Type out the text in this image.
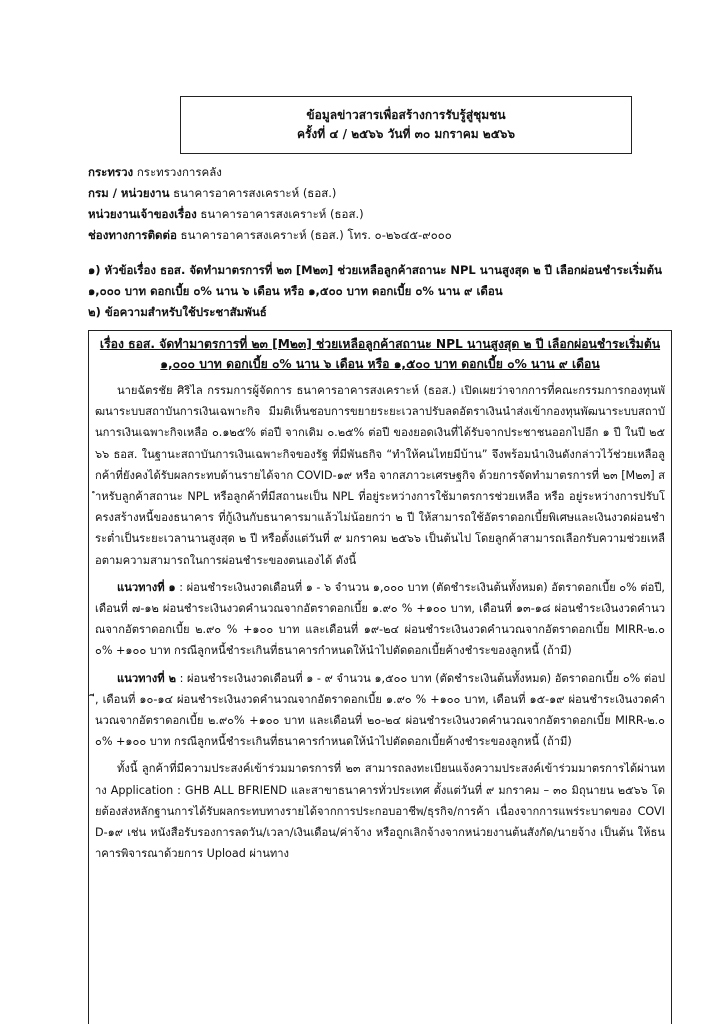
ข้อมูลข่าวสารเพื่อสร้างการรับรู้สู่ชุมชน
ครั้งที่ ๔ / ๒๕๖๖ วันที่ ๓๐ มกราคม ๒๕๖๖
กระทรวง กระทรวงการคลัง
กรม / หน่วยงาน ธนาคารอาคารสงเคราะห์ (ธอส.)
หน่วยงานเจ้าของเรื่อง ธนาคารอาคารสงเคราะห์ (ธอส.)
ช่องทางการติดต่อ ธนาคารอาคารสงเคราะห์ (ธอส.) โทร. ๐-๒๖๔๕-๙๐๐๐
๑) หัวข้อเรื่อง ธอส. จัดทำมาตรการที่ ๒๓ [M๒๓] ช่วยเหลือลูกค้าสถานะ NPL นานสูงสุด ๒ ปี เลือกผ่อนชำระเริ่มต้น ๑,๐๐๐ บาท ดอกเบี้ย ๐% นาน ๖ เดือน หรือ ๑,๕๐๐ บาท ดอกเบี้ย ๐% นาน ๙ เดือน
๒) ข้อความสำหรับใช้ประชาสัมพันธ์

เรื่อง ธอส. จัดทำมาตรการที่ ๒๓ [M๒๓] ช่วยเหลือลูกค้าสถานะ NPL นานสูงสุด ๒ ปี เลือกผ่อนชำระเริ่มต้น ๑,๐๐๐ บาท ดอกเบี้ย ๐% นาน ๖ เดือน หรือ ๑,๕๐๐ บาท ดอกเบี้ย ๐% นาน ๙ เดือน

นายฉัตรชัย ศิริไล กรรมการผู้จัดการ ธนาคารอาคารสงเคราะห์ (ธอส.) เปิดเผยว่าจากการที่คณะกรรมการกองทุนพัฒนาระบบสถาบันการเงินเฉพาะกิจ มีมติเห็นชอบการขยายระยะเวลาปรับลดอัตราเงินนำส่งเข้ากองทุนพัฒนาระบบสถาบันการเงินเฉพาะกิจเหลือ ๐.๑๒๕% ต่อปี จากเดิม ๐.๒๕% ต่อปี ของยอดเงินที่ได้รับจากประชาชนออกไปอีก ๑ ปี ในปี ๒๕๖๖ ธอส. ในฐานะสถาบันการเงินเฉพาะกิจของรัฐ ที่มีพันธกิจ “ทำให้คนไทยมีบ้าน” จึงพร้อมนำเงินดังกล่าวไว้ช่วยเหลือลูกค้าที่ยังคงได้รับผลกระทบด้านรายได้จาก COVID-๑๙ หรือ จากสภาวะเศรษฐกิจ ด้วยการจัดทำมาตรการที่ ๒๓ [M๒๓] สำหรับลูกค้าสถานะ NPL หรือลูกค้าที่มีสถานะเป็น NPL ที่อยู่ระหว่างการใช้มาตรการช่วยเหลือ หรือ อยู่ระหว่างการปรับโครงสร้างหนี้ของธนาคาร ที่กู้เงินกับธนาคารมาแล้วไม่น้อยกว่า ๒ ปี ให้สามารถใช้อัตราดอกเบี้ยพิเศษและเงินงวดผ่อนชำระต่ำเป็นระยะเวลานานสูงสุด ๒ ปี หรือตั้งแต่วันที่ ๙ มกราคม ๒๕๖๖ เป็นต้นไป โดยลูกค้าสามารถเลือกรับความช่วยเหลือตามความสามารถในการผ่อนชำระของตนเองได้ ดังนี้

แนวทางที่ ๑ : ผ่อนชำระเงินงวดเดือนที่ ๑ - ๖ จำนวน ๑,๐๐๐ บาท (ตัดชำระเงินต้นทั้งหมด) อัตราดอกเบี้ย ๐% ต่อปี, เดือนที่ ๗-๑๒ ผ่อนชำระเงินงวดคำนวณจากอัตราดอกเบี้ย ๑.๙๐ % +๑๐๐ บาท, เดือนที่ ๑๓-๑๘ ผ่อนชำระเงินงวดคำนวณจากอัตราดอกเบี้ย ๒.๙๐ % +๑๐๐ บาท และเดือนที่ ๑๙-๒๔ ผ่อนชำระเงินงวดคำนวณจากอัตราดอกเบี้ย MIRR-๒.๐๐% +๑๐๐ บาท กรณีลูกหนี้ชำระเกินที่ธนาคารกำหนดให้นำไปตัดดอกเบี้ยค้างชำระของลูกหนี้ (ถ้ามี)

แนวทางที่ ๒ : ผ่อนชำระเงินงวดเดือนที่ ๑ - ๙ จำนวน ๑,๕๐๐ บาท (ตัดชำระเงินต้นทั้งหมด) อัตราดอกเบี้ย ๐% ต่อปี, เดือนที่ ๑๐-๑๔ ผ่อนชำระเงินงวดคำนวณจากอัตราดอกเบี้ย ๑.๙๐ % +๑๐๐ บาท, เดือนที่ ๑๕-๑๙ ผ่อนชำระเงินงวดคำนวณจากอัตราดอกเบี้ย ๒.๙๐% +๑๐๐ บาท และเดือนที่ ๒๐-๒๔ ผ่อนชำระเงินงวดคำนวณจากอัตราดอกเบี้ย MIRR-๒.๐๐% +๑๐๐ บาท กรณีลูกหนี้ชำระเกินที่ธนาคารกำหนดให้นำไปตัดดอกเบี้ยค้างชำระของลูกหนี้ (ถ้ามี)

ทั้งนี้ ลูกค้าที่มีความประสงค์เข้าร่วมมาตรการที่ ๒๓ สามารถลงทะเบียนแจ้งความประสงค์เข้าร่วมมาตรการได้ผ่านทาง Application : GHB ALL BFRIEND และสาขาธนาคารทั่วประเทศ ตั้งแต่วันที่ ๙ มกราคม – ๓๐ มิถุนายน ๒๕๖๖ โดยต้องส่งหลักฐานการได้รับผลกระทบทางรายได้จากการประกอบอาชีพ/ธุรกิจ/การค้า เนื่องจากการแพร่ระบาดของ COVID-๑๙ เช่น หนังสือรับรองการลดวัน/เวลา/เงินเดือน/ค่าจ้าง หรือถูกเลิกจ้างจากหน่วยงานต้นสังกัด/นายจ้าง เป็นต้น ให้ธนาคารพิจารณาด้วยการ Upload ผ่านทาง
